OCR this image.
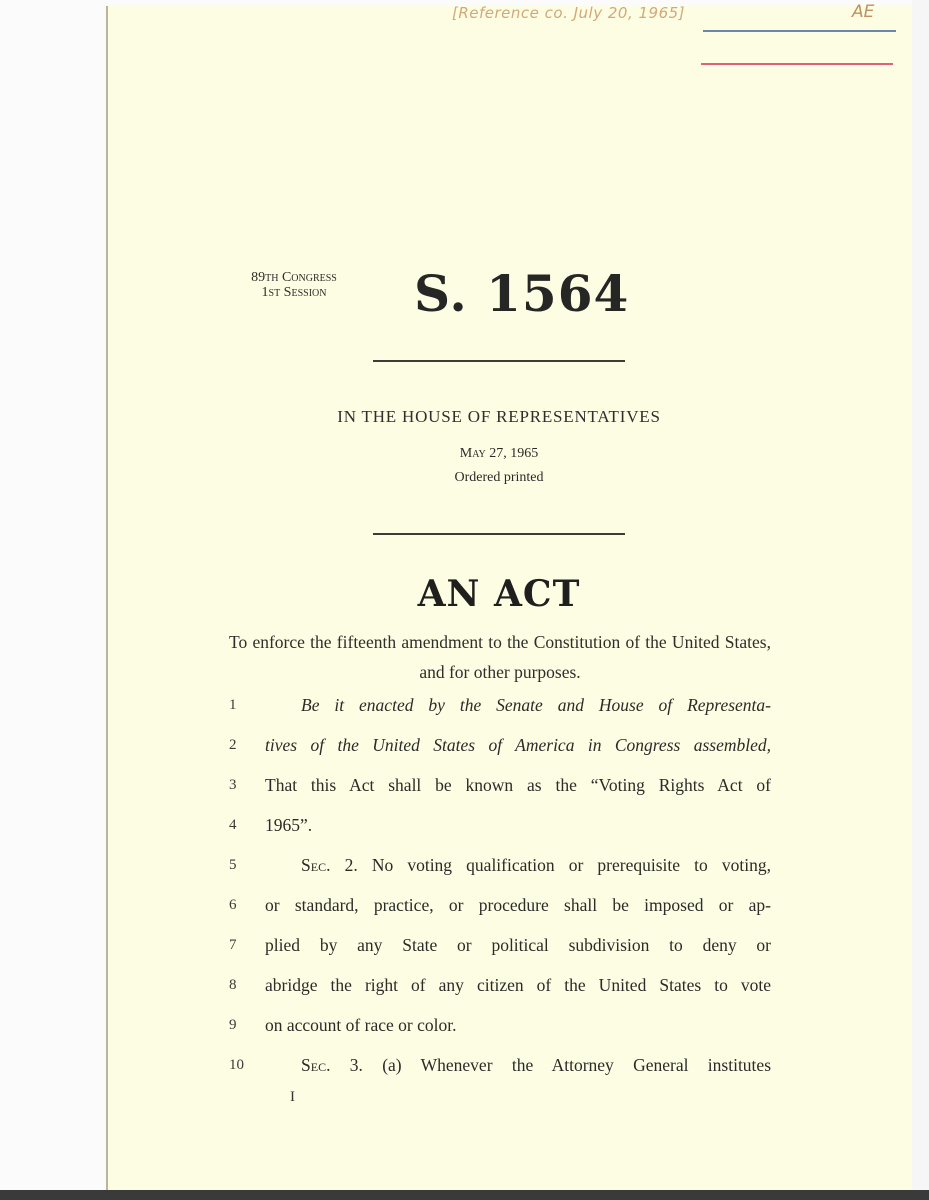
[Reference co. July 20, 1965]	AE
89th Congress
1st Session	S. 1564
IN THE HOUSE OF REPRESENTATIVES
May 27, 1965
Ordered printed
AN ACT
To enforce the fifteenth amendment to the Constitution of the United States, and for other purposes.
1	Be it enacted by the Senate and House of Representa-
2	tives of the United States of America in Congress assembled,
3	That this Act shall be known as the “Voting Rights Act of
4	1965”.
5	Sec. 2. No voting qualification or prerequisite to voting,
6	or standard, practice, or procedure shall be imposed or ap-
7	plied by any State or political subdivision to deny or
8	abridge the right of any citizen of the United States to vote
9	on account of race or color.
10	Sec. 3. (a) Whenever the Attorney General institutes
I
